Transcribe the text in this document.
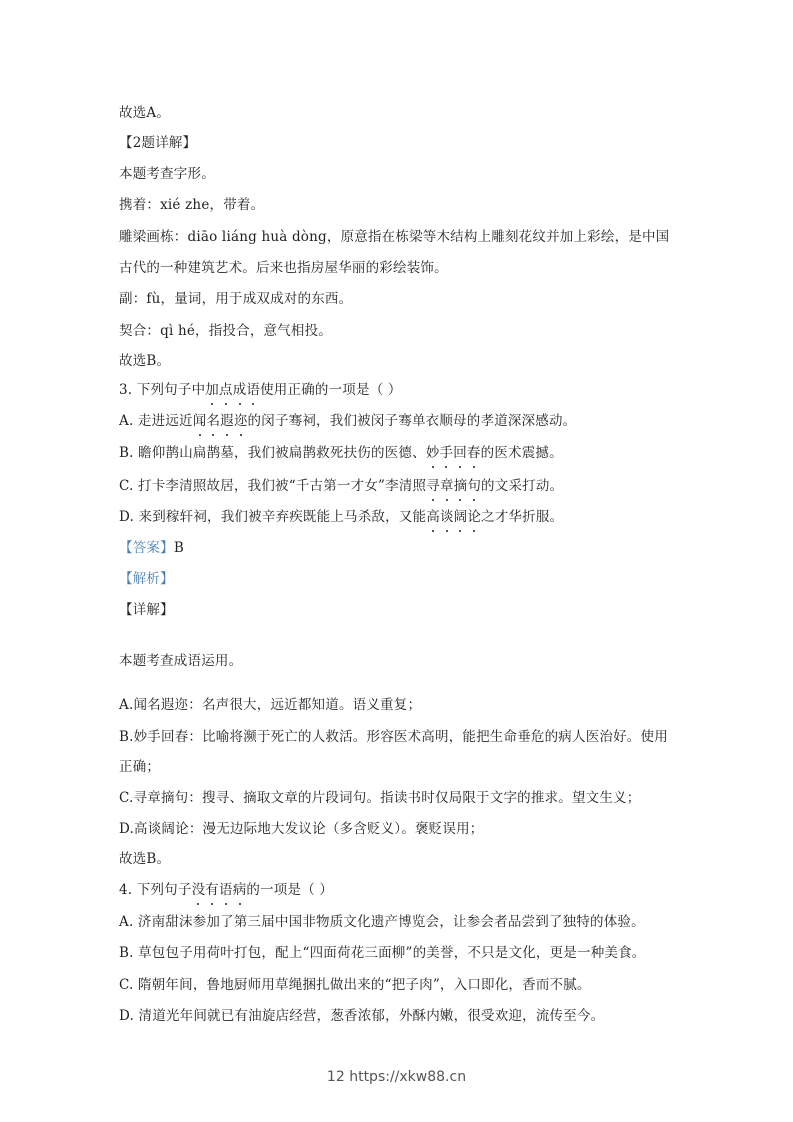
故选A。
【2题详解】
本题考查字形。
携着：xié zhe，带着。
雕梁画栋：diāo liáng huà dòng，原意指在栋梁等木结构上雕刻花纹并加上彩绘，是中国
古代的一种建筑艺术。后来也指房屋华丽的彩绘装饰。
副：fù，量词，用于成双成对的东西。
契合：qì hé，指投合，意气相投。
故选B。
3. 下列句子中加点成语使用正确的一项是（ ）
A. 走进远近闻名遐迩的闵子骞祠，我们被闵子骞单衣顺母的孝道深深感动。
B. 瞻仰鹊山扁鹊墓，我们被扁鹊救死扶伤的医德、妙手回春的医术震撼。
C. 打卡李清照故居，我们被“千古第一才女”李清照寻章摘句的文采打动。
D. 来到稼轩祠，我们被辛弃疾既能上马杀敌，又能高谈阔论之才华折服。
【答案】B
【解析】
【详解】
本题考查成语运用。
A.闻名遐迩：名声很大，远近都知道。语义重复；
B.妙手回春：比喻将濒于死亡的人救活。形容医术高明，能把生命垂危的病人医治好。使用
正确；
C.寻章摘句：搜寻、摘取文章的片段词句。指读书时仅局限于文字的推求。望文生义；
D.高谈阔论：漫无边际地大发议论（多含贬义）。褒贬误用；
故选B。
4. 下列句子没有语病的一项是（ ）
A. 济南甜沫参加了第三届中国非物质文化遗产博览会，让参会者品尝到了独特的体验。
B. 草包包子用荷叶打包，配上“四面荷花三面柳”的美誉，不只是文化，更是一种美食。
C. 隋朝年间，鲁地厨师用草绳捆扎做出来的“把子肉”，入口即化，香而不腻。
D. 清道光年间就已有油旋店经营，葱香浓郁，外酥内嫩，很受欢迎，流传至今。
12 https://xkw88.cn
